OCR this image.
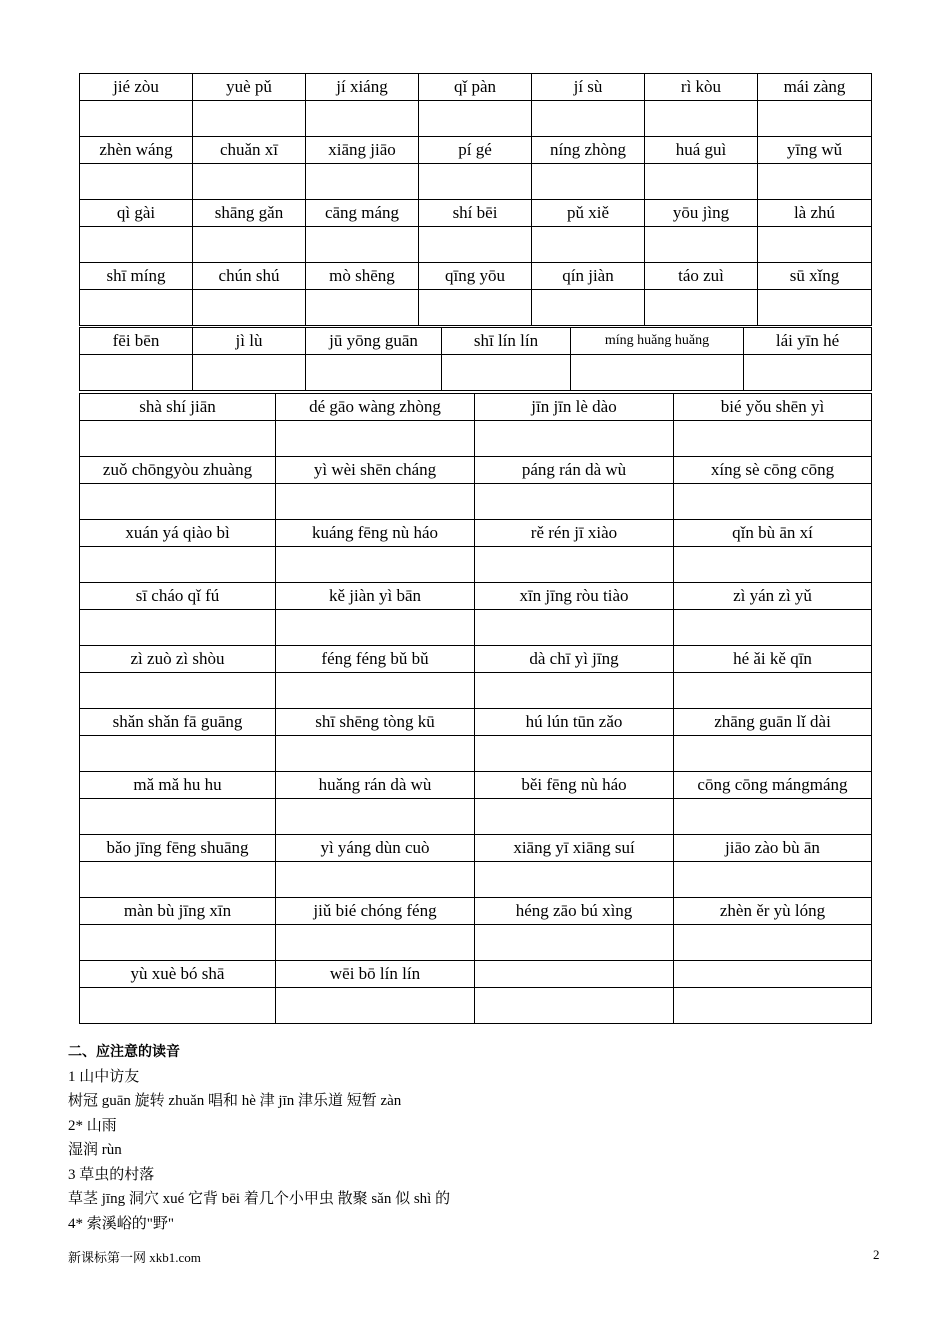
jié zòu	yuè pǔ	jí xiáng	qǐ pàn	jí sù	rì kòu	mái zàng

zhèn wáng	chuǎn xī	xiāng jiāo	pí gé	níng zhòng	huá guì	yīng wǔ

qì gài	shāng gǎn	cāng máng	shí bēi	pǔ xiě	yōu jìng	là zhú

shī míng	chún shú	mò shēng	qīng yōu	qín jiàn	táo zuì	sū xǐng

fēi bēn	jì lù	jū yōng guān	shī lín lín	míng huǎng huǎng	lái yīn hé

shà shí jiān	dé gāo wàng zhòng	jīn jīn lè dào	bié yǒu shēn yì

zuǒ chōngyòu zhuàng	yì wèi shēn cháng	páng rán dà wù	xíng sè cōng cōng

xuán yá qiào bì	kuáng fēng nù háo	rě rén jī xiào	qǐn bù ān xí

sī cháo qǐ fú	kě jiàn yì bān	xīn jīng ròu tiào	zì yán zì yǔ

zì zuò zì shòu	féng féng bǔ bǔ	dà chī yì jīng	hé ǎi kě qīn

shǎn shǎn fā guāng	shī shēng tòng kū	hú lún tūn zǎo	zhāng guān lǐ dài

mǎ mǎ hu hu	huǎng rán dà wù	běi fēng nù háo	cōng cōng mángmáng

bǎo jīng fēng shuāng	yì yáng dùn cuò	xiāng yī xiāng suí	jiāo zào bù ān

màn bù jīng xīn	jiǔ bié chóng féng	héng zāo bú xìng	zhèn ěr yù lóng

yù xuè bó shā	wēi bō lín lín		

二、应注意的读音
1 山中访友
树冠 guān 旋转 zhuǎn 唱和 hè 津 jīn 津乐道 短暂 zàn
2* 山雨
湿润 rùn
3 草虫的村落
草茎 jīng 洞穴 xué 它背 bēi 着几个小甲虫 散聚 sǎn 似 shì 的
4* 索溪峪的"野"
新课标第一网 xkb1.com	2
